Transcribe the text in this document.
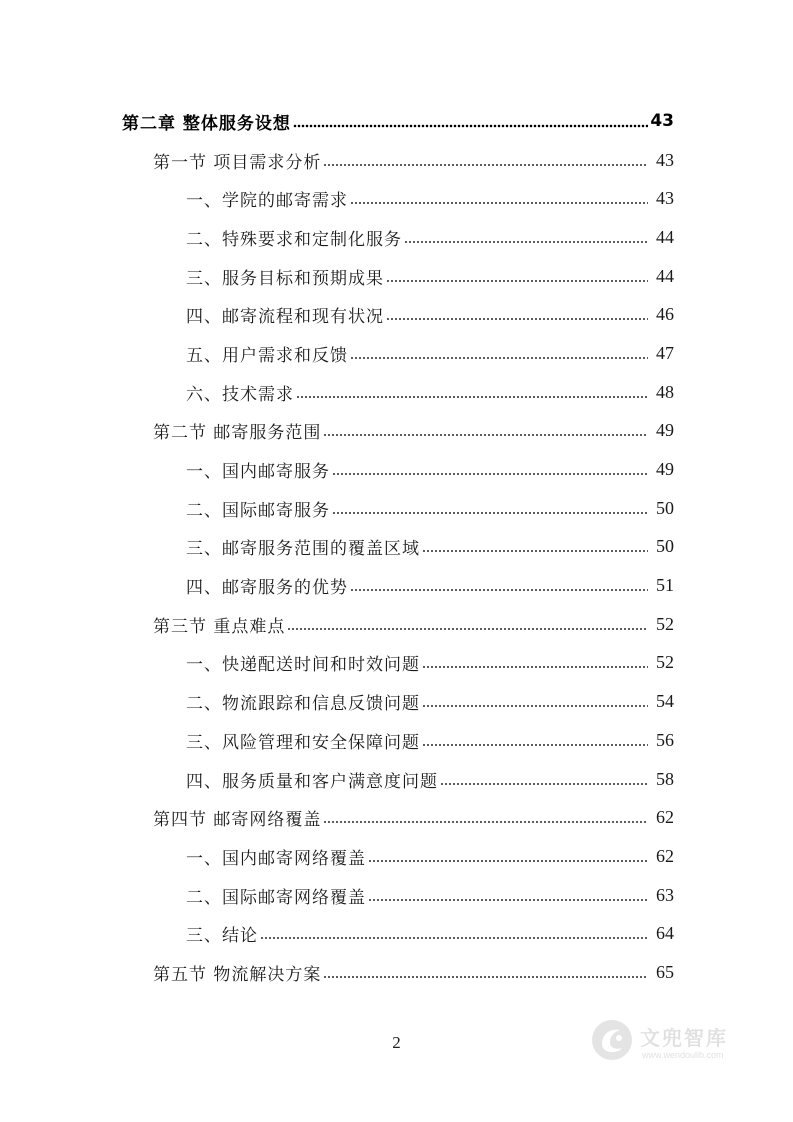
第二章 整体服务设想	43
第一节 项目需求分析	43
一、学院的邮寄需求	43
二、特殊要求和定制化服务	44
三、服务目标和预期成果	44
四、邮寄流程和现有状况	46
五、用户需求和反馈	47
六、技术需求	48
第二节 邮寄服务范围	49
一、国内邮寄服务	49
二、国际邮寄服务	50
三、邮寄服务范围的覆盖区域	50
四、邮寄服务的优势	51
第三节 重点难点	52
一、快递配送时间和时效问题	52
二、物流跟踪和信息反馈问题	54
三、风险管理和安全保障问题	56
四、服务质量和客户满意度问题	58
第四节 邮寄网络覆盖	62
一、国内邮寄网络覆盖	62
二、国际邮寄网络覆盖	63
三、结论	64
第五节 物流解决方案	65
2	文兜智库
www.wendoulib.com
